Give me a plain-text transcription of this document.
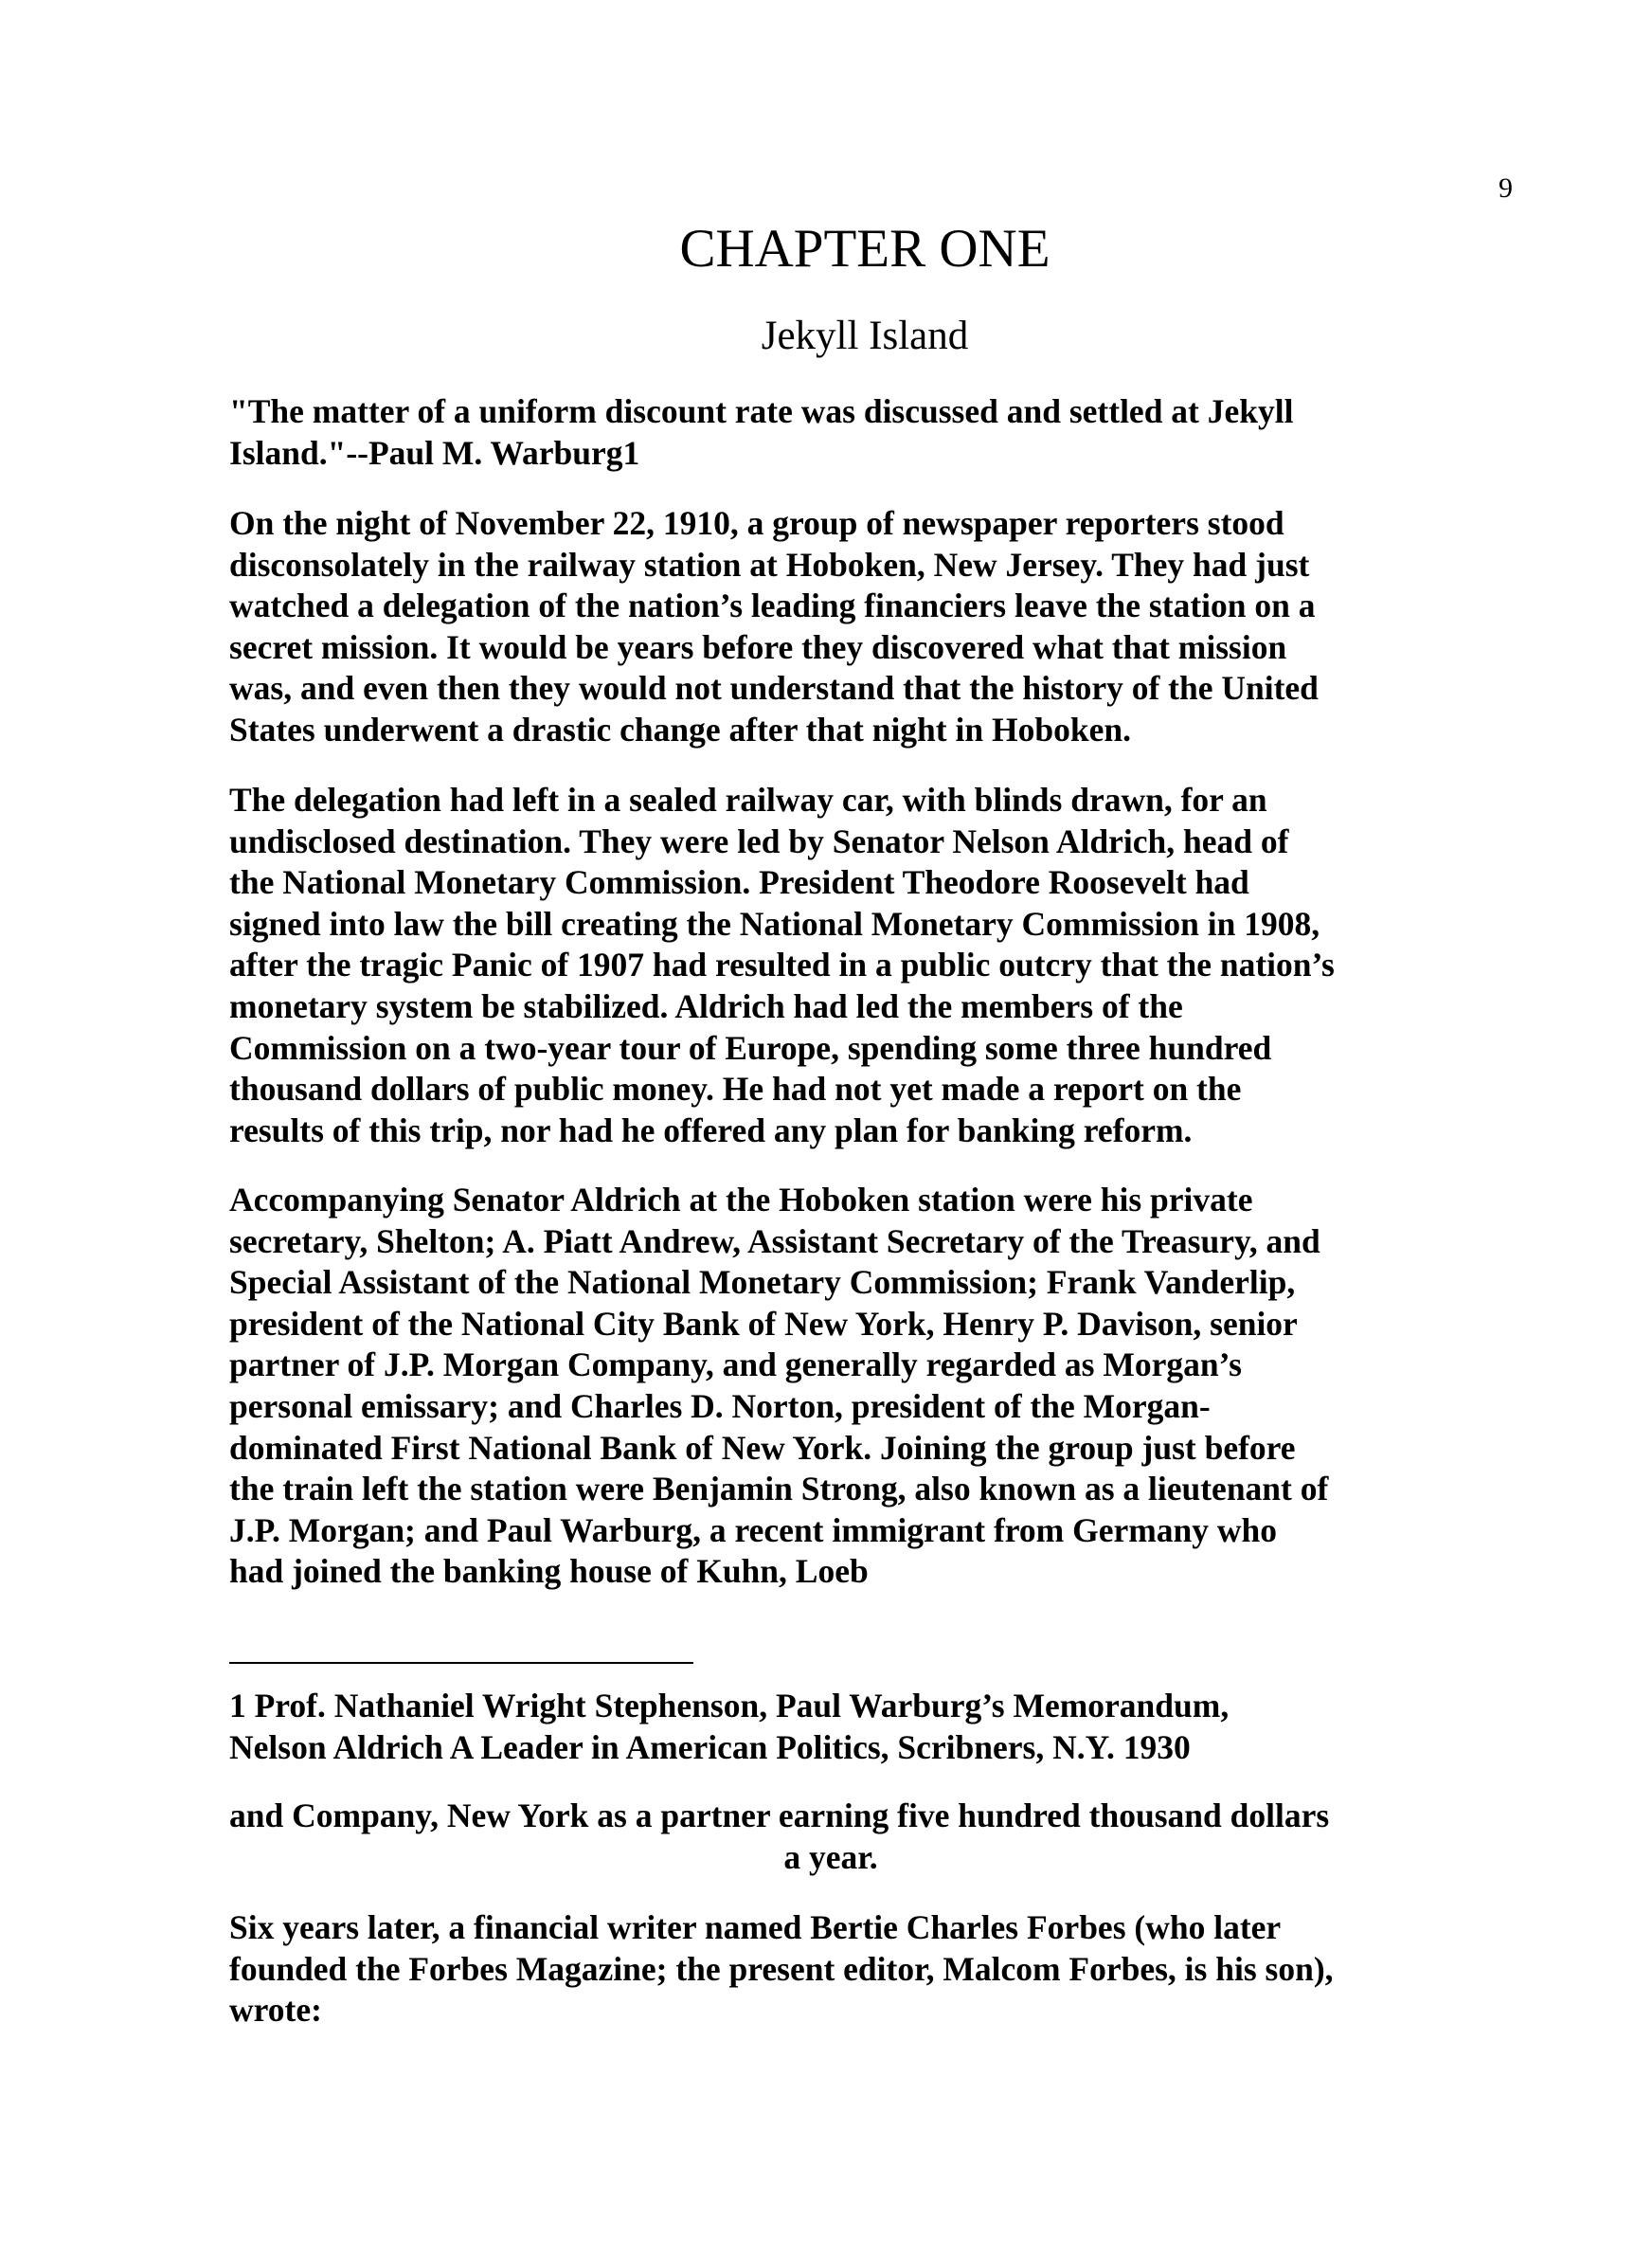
9
CHAPTER ONE
Jekyll Island
"The matter of a uniform discount rate was discussed and settled at Jekyll
Island."--Paul M. Warburg1
On the night of November 22, 1910, a group of newspaper reporters stood
disconsolately in the railway station at Hoboken, New Jersey. They had just
watched a delegation of the nation’s leading financiers leave the station on a
secret mission. It would be years before they discovered what that mission
was, and even then they would not understand that the history of the United
States underwent a drastic change after that night in Hoboken.
The delegation had left in a sealed railway car, with blinds drawn, for an
undisclosed destination. They were led by Senator Nelson Aldrich, head of
the National Monetary Commission. President Theodore Roosevelt had
signed into law the bill creating the National Monetary Commission in 1908,
after the tragic Panic of 1907 had resulted in a public outcry that the nation’s
monetary system be stabilized. Aldrich had led the members of the
Commission on a two-year tour of Europe, spending some three hundred
thousand dollars of public money. He had not yet made a report on the
results of this trip, nor had he offered any plan for banking reform.
Accompanying Senator Aldrich at the Hoboken station were his private
secretary, Shelton; A. Piatt Andrew, Assistant Secretary of the Treasury, and
Special Assistant of the National Monetary Commission; Frank Vanderlip,
president of the National City Bank of New York, Henry P. Davison, senior
partner of J.P. Morgan Company, and generally regarded as Morgan’s
personal emissary; and Charles D. Norton, president of the Morgan-
dominated First National Bank of New York. Joining the group just before
the train left the station were Benjamin Strong, also known as a lieutenant of
J.P. Morgan; and Paul Warburg, a recent immigrant from Germany who
had joined the banking house of Kuhn, Loeb
1 Prof. Nathaniel Wright Stephenson, Paul Warburg’s Memorandum,
Nelson Aldrich A Leader in American Politics, Scribners, N.Y. 1930
and Company, New York as a partner earning five hundred thousand dollars
a year.
Six years later, a financial writer named Bertie Charles Forbes (who later
founded the Forbes Magazine; the present editor, Malcom Forbes, is his son),
wrote:
